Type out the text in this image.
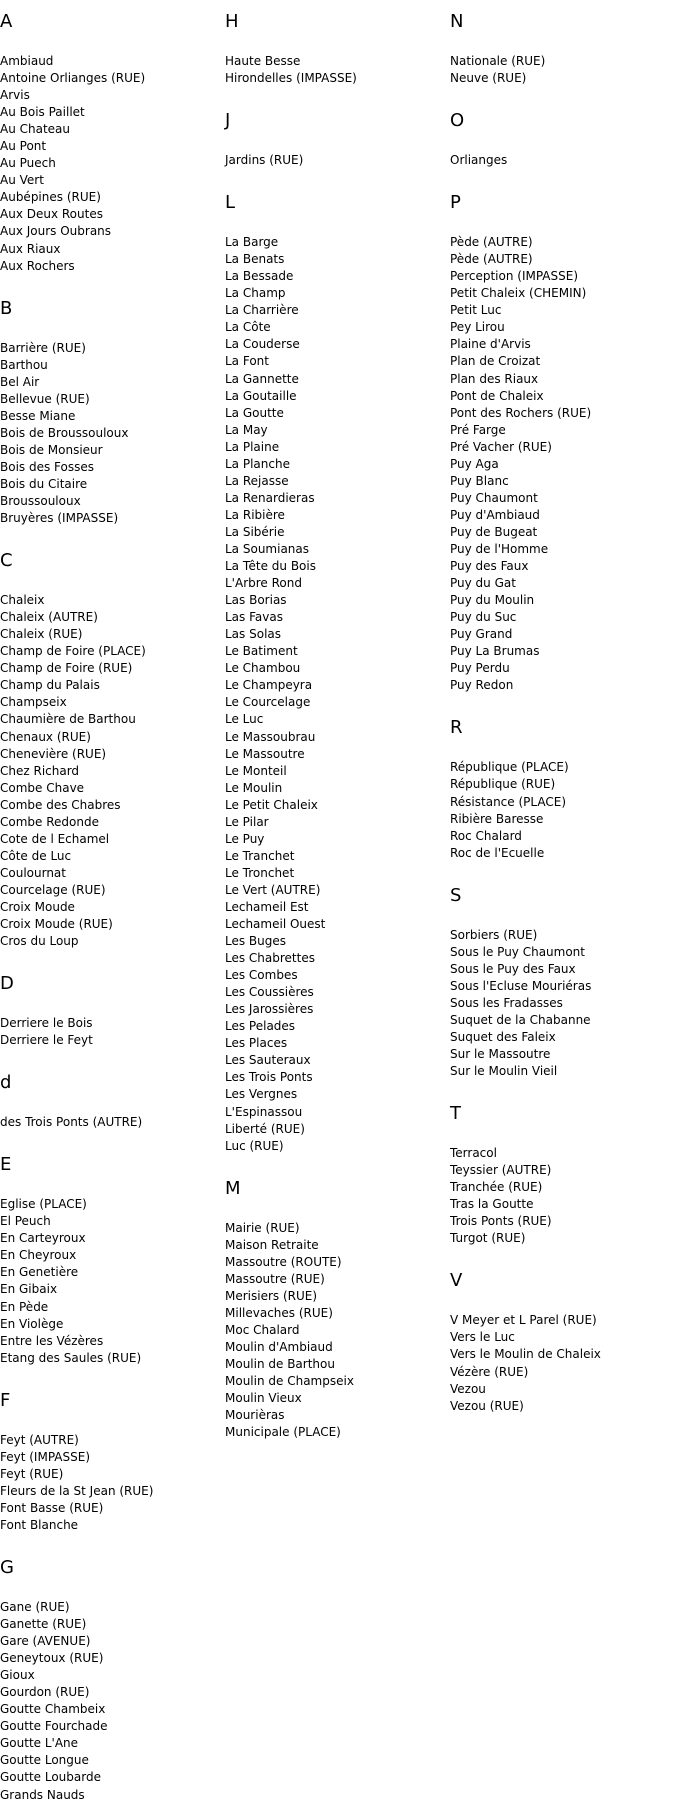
A
Ambiaud
Antoine Orlianges (RUE)
Arvis
Au Bois Paillet
Au Chateau
Au Pont
Au Puech
Au Vert
Aubépines (RUE)
Aux Deux Routes
Aux Jours Oubrans
Aux Riaux
Aux Rochers
B
Barrière (RUE)
Barthou
Bel Air
Bellevue (RUE)
Besse Miane
Bois de Broussouloux
Bois de Monsieur
Bois des Fosses
Bois du Citaire
Broussouloux
Bruyères (IMPASSE)
C
Chaleix
Chaleix (AUTRE)
Chaleix (RUE)
Champ de Foire (PLACE)
Champ de Foire (RUE)
Champ du Palais
Champseix
Chaumière de Barthou
Chenaux (RUE)
Chenevière (RUE)
Chez Richard
Combe Chave
Combe des Chabres
Combe Redonde
Cote de l Echamel
Côte de Luc
Coulournat
Courcelage (RUE)
Croix Moude
Croix Moude (RUE)
Cros du Loup
D
Derriere le Bois
Derriere le Feyt
d
des Trois Ponts (AUTRE)
E
Eglise (PLACE)
El Peuch
En Carteyroux
En Cheyroux
En Genetière
En Gibaix
En Pède
En Violège
Entre les Vézères
Etang des Saules (RUE)
F
Feyt (AUTRE)
Feyt (IMPASSE)
Feyt (RUE)
Fleurs de la St Jean (RUE)
Font Basse (RUE)
Font Blanche
G
Gane (RUE)
Ganette (RUE)
Gare (AVENUE)
Geneytoux (RUE)
Gioux
Gourdon (RUE)
Goutte Chambeix
Goutte Fourchade
Goutte L'Ane
Goutte Longue
Goutte Loubarde
Grands Nauds
H
Haute Besse
Hirondelles (IMPASSE)
J
Jardins (RUE)
L
La Barge
La Benats
La Bessade
La Champ
La Charrière
La Côte
La Couderse
La Font
La Gannette
La Goutaille
La Goutte
La May
La Plaine
La Planche
La Rejasse
La Renardieras
La Ribière
La Sibérie
La Soumianas
La Tête du Bois
L'Arbre Rond
Las Borias
Las Favas
Las Solas
Le Batiment
Le Chambou
Le Champeyra
Le Courcelage
Le Luc
Le Massoubrau
Le Massoutre
Le Monteil
Le Moulin
Le Petit Chaleix
Le Pilar
Le Puy
Le Tranchet
Le Tronchet
Le Vert (AUTRE)
Lechameil Est
Lechameil Ouest
Les Buges
Les Chabrettes
Les Combes
Les Coussières
Les Jarossières
Les Pelades
Les Places
Les Sauteraux
Les Trois Ponts
Les Vergnes
L'Espinassou
Liberté (RUE)
Luc (RUE)
M
Mairie (RUE)
Maison Retraite
Massoutre (ROUTE)
Massoutre (RUE)
Merisiers (RUE)
Millevaches (RUE)
Moc Chalard
Moulin d'Ambiaud
Moulin de Barthou
Moulin de Champseix
Moulin Vieux
Mourièras
Municipale (PLACE)
N
Nationale (RUE)
Neuve (RUE)
O
Orlianges
P
Pède (AUTRE)
Pède (AUTRE)
Perception (IMPASSE)
Petit Chaleix (CHEMIN)
Petit Luc
Pey Lirou
Plaine d'Arvis
Plan de Croizat
Plan des Riaux
Pont de Chaleix
Pont des Rochers (RUE)
Pré Farge
Pré Vacher (RUE)
Puy Aga
Puy Blanc
Puy Chaumont
Puy d'Ambiaud
Puy de Bugeat
Puy de l'Homme
Puy des Faux
Puy du Gat
Puy du Moulin
Puy du Suc
Puy Grand
Puy La Brumas
Puy Perdu
Puy Redon
R
République (PLACE)
République (RUE)
Résistance (PLACE)
Ribière Baresse
Roc Chalard
Roc de l'Ecuelle
S
Sorbiers (RUE)
Sous le Puy Chaumont
Sous le Puy des Faux
Sous l'Ecluse Mouriéras
Sous les Fradasses
Suquet de la Chabanne
Suquet des Faleix
Sur le Massoutre
Sur le Moulin Vieil
T
Terracol
Teyssier (AUTRE)
Tranchée (RUE)
Tras la Goutte
Trois Ponts (RUE)
Turgot (RUE)
V
V Meyer et L Parel (RUE)
Vers le Luc
Vers le Moulin de Chaleix
Vézère (RUE)
Vezou
Vezou (RUE)
